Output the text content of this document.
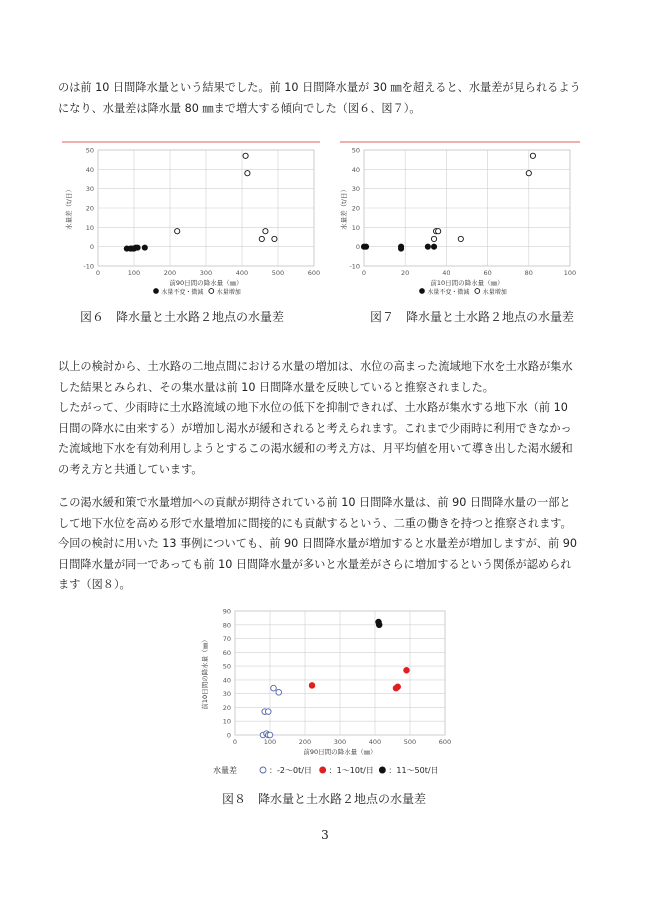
のは前 10 日間降水量という結果でした。前 10 日間降水量が 30 ㎜を超えると、水量差が見られるよう
になり、水量差は降水量 80 ㎜まで増大する傾向でした（図６、図７）。
-10
0
10
20
30
40
50
0	100	200	300	400	500	600
前90日間の降水量（㎜）
水量差（t/日）
水量不変・微減 水量増加
図６　降水量と土水路２地点の水量差
-10
0
10
20
30
40
50
0	20	40	60	80	100
前10日間の降水量（㎜）
水量差（t/日）
水量不変・微減 水量増加
図７　降水量と土水路２地点の水量差
以上の検討から、土水路の二地点間における水量の増加は、水位の高まった流域地下水を土水路が集水
した結果とみられ、その集水量は前 10 日間降水量を反映していると推察されました。
したがって、少雨時に土水路流域の地下水位の低下を抑制できれば、土水路が集水する地下水（前 10
日間の降水に由来する）が増加し渇水が緩和されると考えられます。これまで少雨時に利用できなかっ
た流域地下水を有効利用しようとするこの渇水緩和の考え方は、月平均値を用いて導き出した渇水緩和
の考え方と共通しています。
この渇水緩和策で水量増加への貢献が期待されている前 10 日間降水量は、前 90 日間降水量の一部と
して地下水位を高める形で水量増加に間接的にも貢献するという、二重の働きを持つと推察されます。
今回の検討に用いた 13 事例についても、前 90 日間降水量が増加すると水量差が増加しますが、前 90
日間降水量が同一であっても前 10 日間降水量が多いと水量差がさらに増加するという関係が認められ
ます（図８）。
0
10
20
30
40
50
60
70
80
90
0	100	200	300	400	500	600
前90日間の降水量（㎜）
前10日間の降水量（㎜）
水量差	：-2～0t/日 ：1～10t/日 ：11～50t/日
図８　降水量と土水路２地点の水量差
3
